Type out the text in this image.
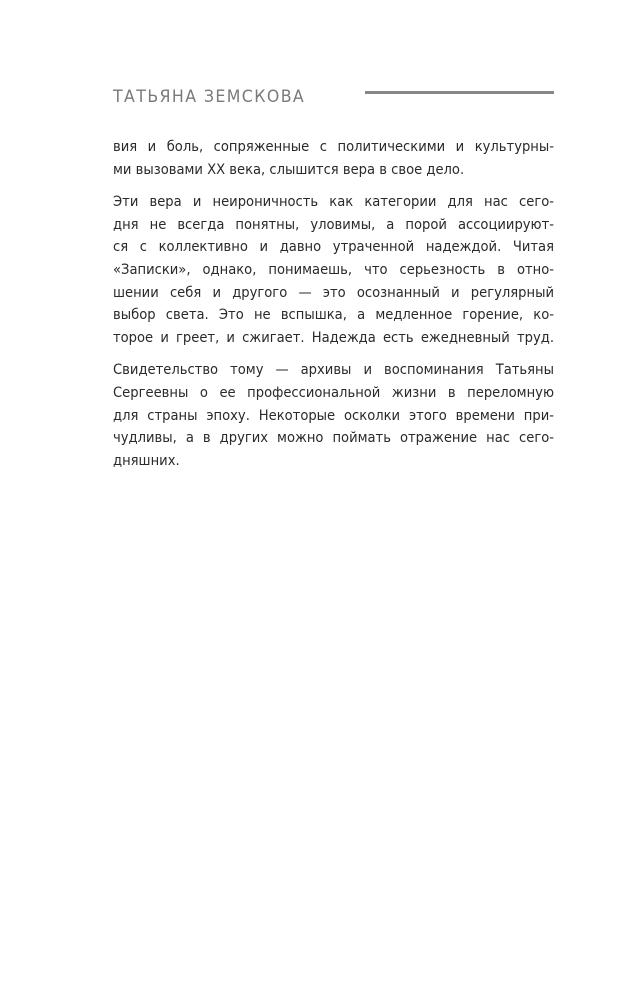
ТАТЬЯНА ЗЕМСКОВА
вия и боль, сопряженные с политическими и культурны-
ми вызовами XX века, слышится вера в свое дело.
Эти вера и неироничность как категории для нас сего-
дня не всегда понятны, уловимы, а порой ассоциируют-
ся с коллективно и давно утраченной надеждой. Читая
«Записки», однако, понимаешь, что серьезность в отно-
шении себя и другого — это осознанный и регулярный
выбор света. Это не вспышка, а медленное горение, ко-
торое и греет, и сжигает. Надежда есть ежедневный труд.
Свидетельство тому — архивы и воспоминания Татьяны
Сергеевны о ее профессиональной жизни в переломную
для страны эпоху. Некоторые осколки этого времени при-
чудливы, а в других можно поймать отражение нас сего-
дняшних.
